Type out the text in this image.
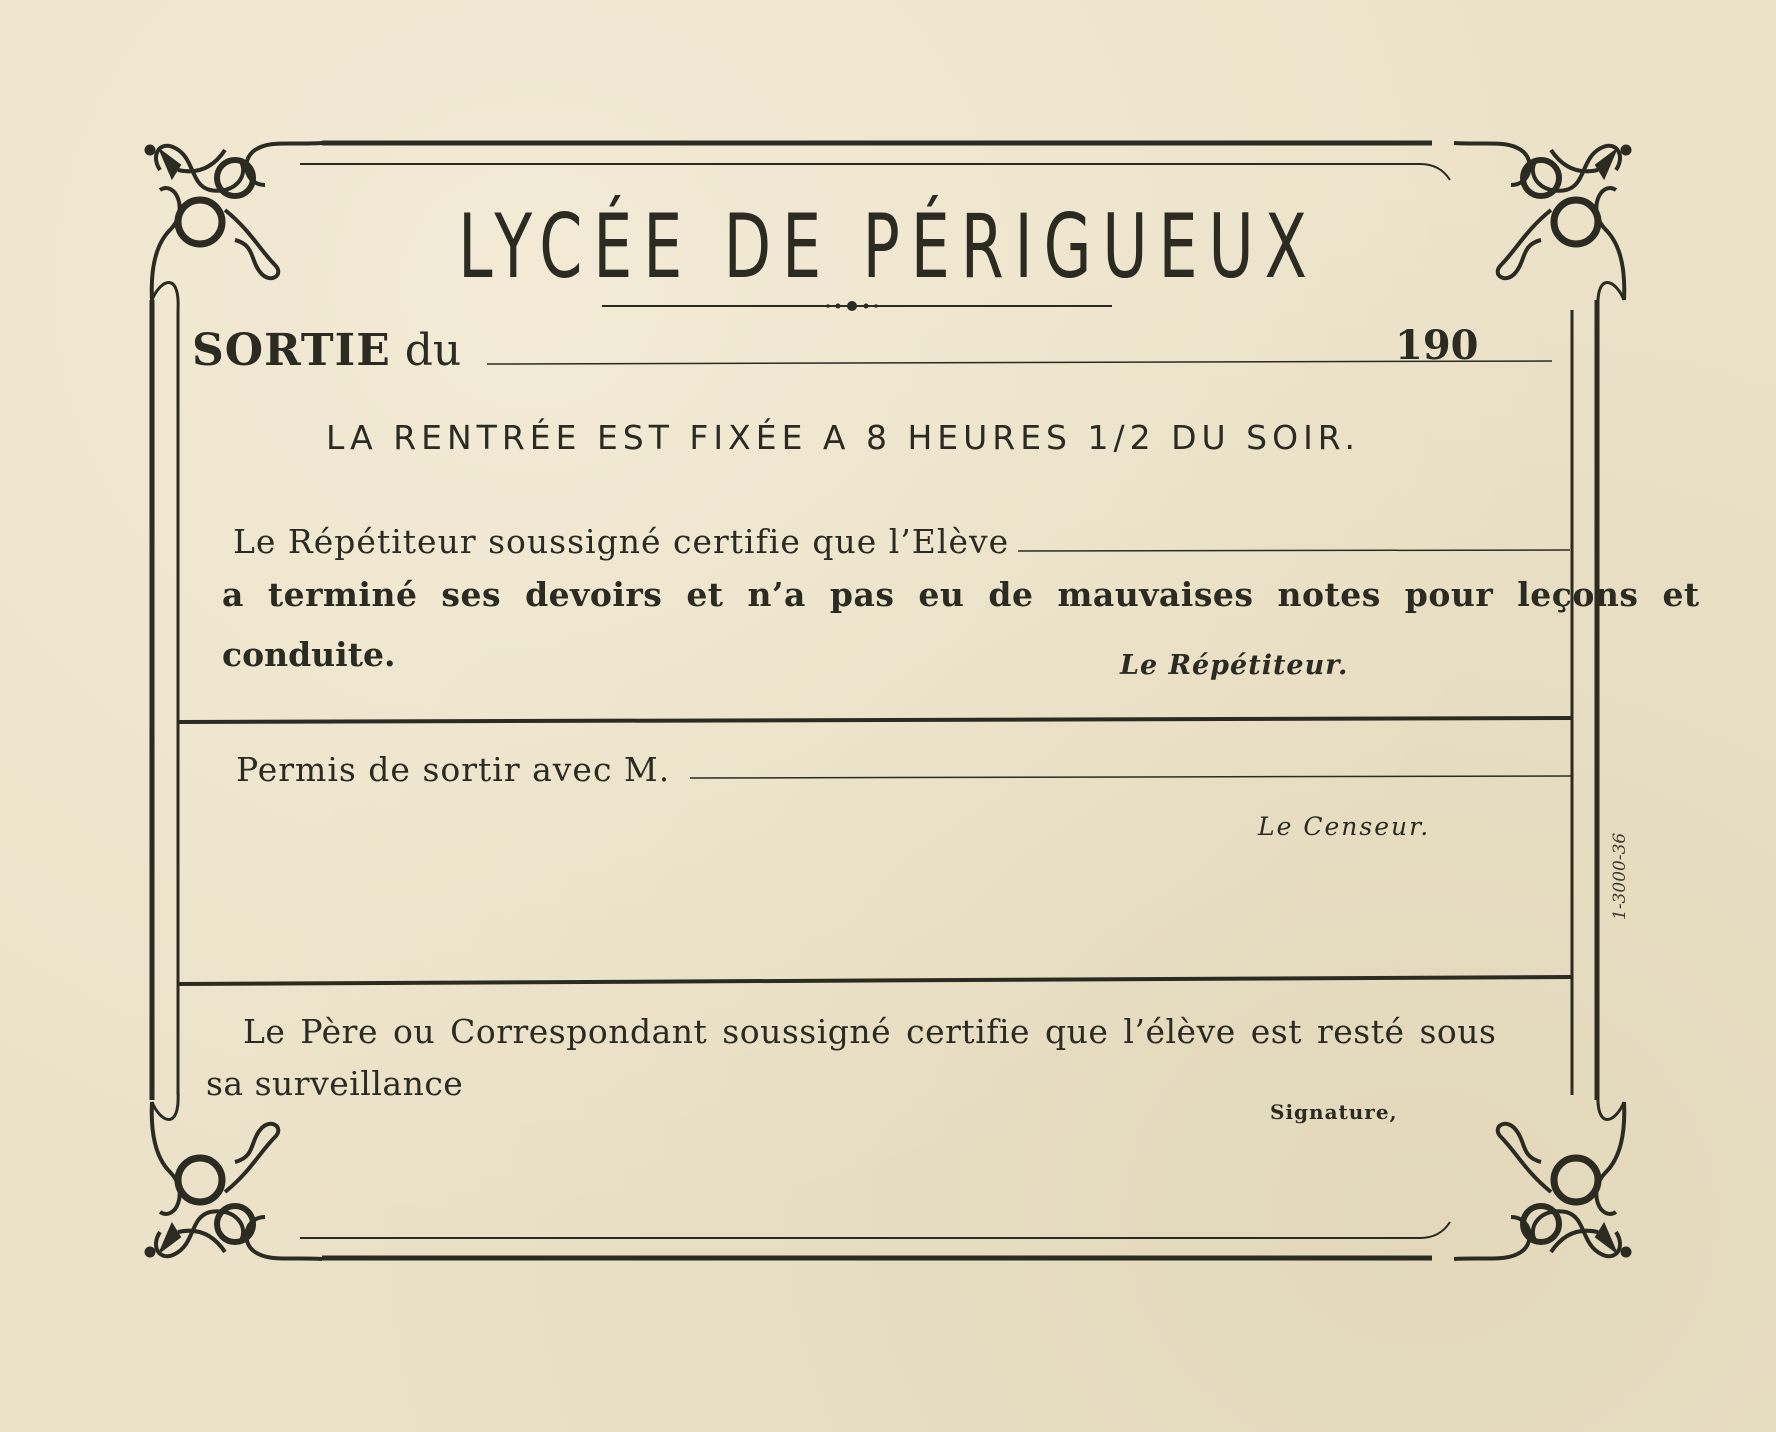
LYCÉE DE PÉRIGUEUX
SORTIE du	190
LA RENTRÉE EST FIXÉE A 8 HEURES 1/2 DU SOIR.
Le Répétiteur soussigné certifie que l’Elève
a terminé ses devoirs et n’a pas eu de mauvaises notes pour leçons et
conduite.	Le Répétiteur.
Permis de sortir avec M.
Le Censeur.
Le Père ou Correspondant soussigné certifie que l’élève est resté sous
sa surveillance
Signature,
1-3000-36
